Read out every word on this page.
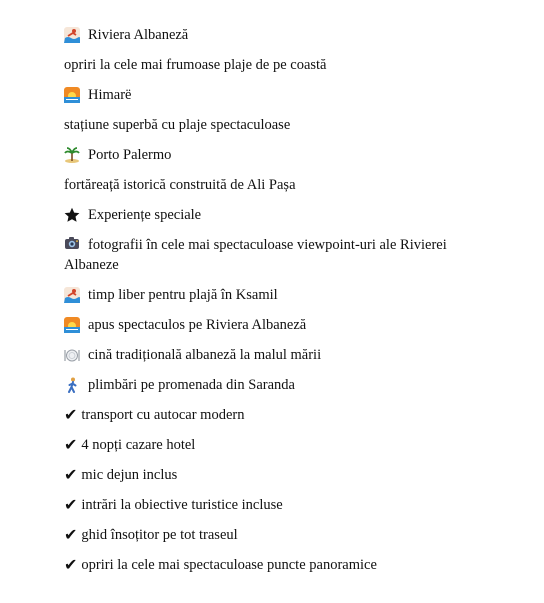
Riviera Albaneză
opriri la cele mai frumoase plaje de pe coastă
Himarë
stațiune superbă cu plaje spectaculoase
Porto Palermo
fortăreață istorică construită de Ali Pașa
Experiențe speciale
fotografii în cele mai spectaculoase viewpoint-uri ale Rivierei Albaneze
timp liber pentru plajă în Ksamil
apus spectaculos pe Riviera Albaneză
cină tradițională albaneză la malul mării
plimbări pe promenada din Saranda
✔ transport cu autocar modern
✔ 4 nopți cazare hotel
✔ mic dejun inclus
✔ intrări la obiective turistice incluse
✔ ghid însoțitor pe tot traseul
✔ opriri la cele mai spectaculoase puncte panoramice
